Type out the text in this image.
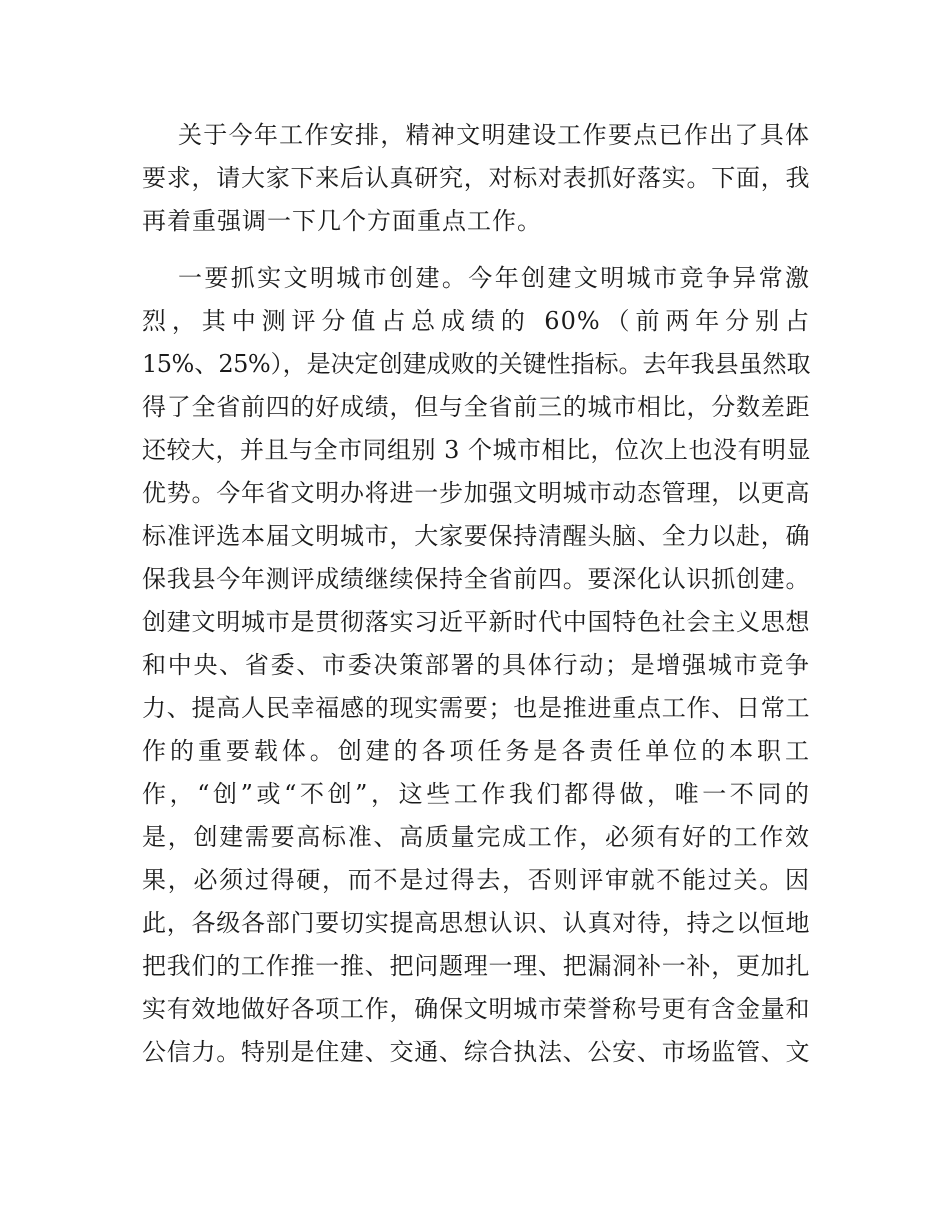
关于今年工作安排，精神文明建设工作要点已作出了具体
要求，请大家下来后认真研究，对标对表抓好落实。下面，我
再着重强调一下几个方面重点工作。
一要抓实文明城市创建。今年创建文明城市竞争异常激
烈，其中测评分值占总成绩的 60%（前两年分别占
15%、25%），是决定创建成败的关键性指标。去年我县虽然取
得了全省前四的好成绩，但与全省前三的城市相比，分数差距
还较大，并且与全市同组别 3 个城市相比，位次上也没有明显
优势。今年省文明办将进一步加强文明城市动态管理，以更高
标准评选本届文明城市，大家要保持清醒头脑、全力以赴，确
保我县今年测评成绩继续保持全省前四。要深化认识抓创建。
创建文明城市是贯彻落实习近平新时代中国特色社会主义思想
和中央、省委、市委决策部署的具体行动；是增强城市竞争
力、提高人民幸福感的现实需要；也是推进重点工作、日常工
作的重要载体。创建的各项任务是各责任单位的本职工
作，“创”或“不创”，这些工作我们都得做，唯一不同的
是，创建需要高标准、高质量完成工作，必须有好的工作效
果，必须过得硬，而不是过得去，否则评审就不能过关。因
此，各级各部门要切实提高思想认识、认真对待，持之以恒地
把我们的工作推一推、把问题理一理、把漏洞补一补，更加扎
实有效地做好各项工作，确保文明城市荣誉称号更有含金量和
公信力。特别是住建、交通、综合执法、公安、市场监管、文
